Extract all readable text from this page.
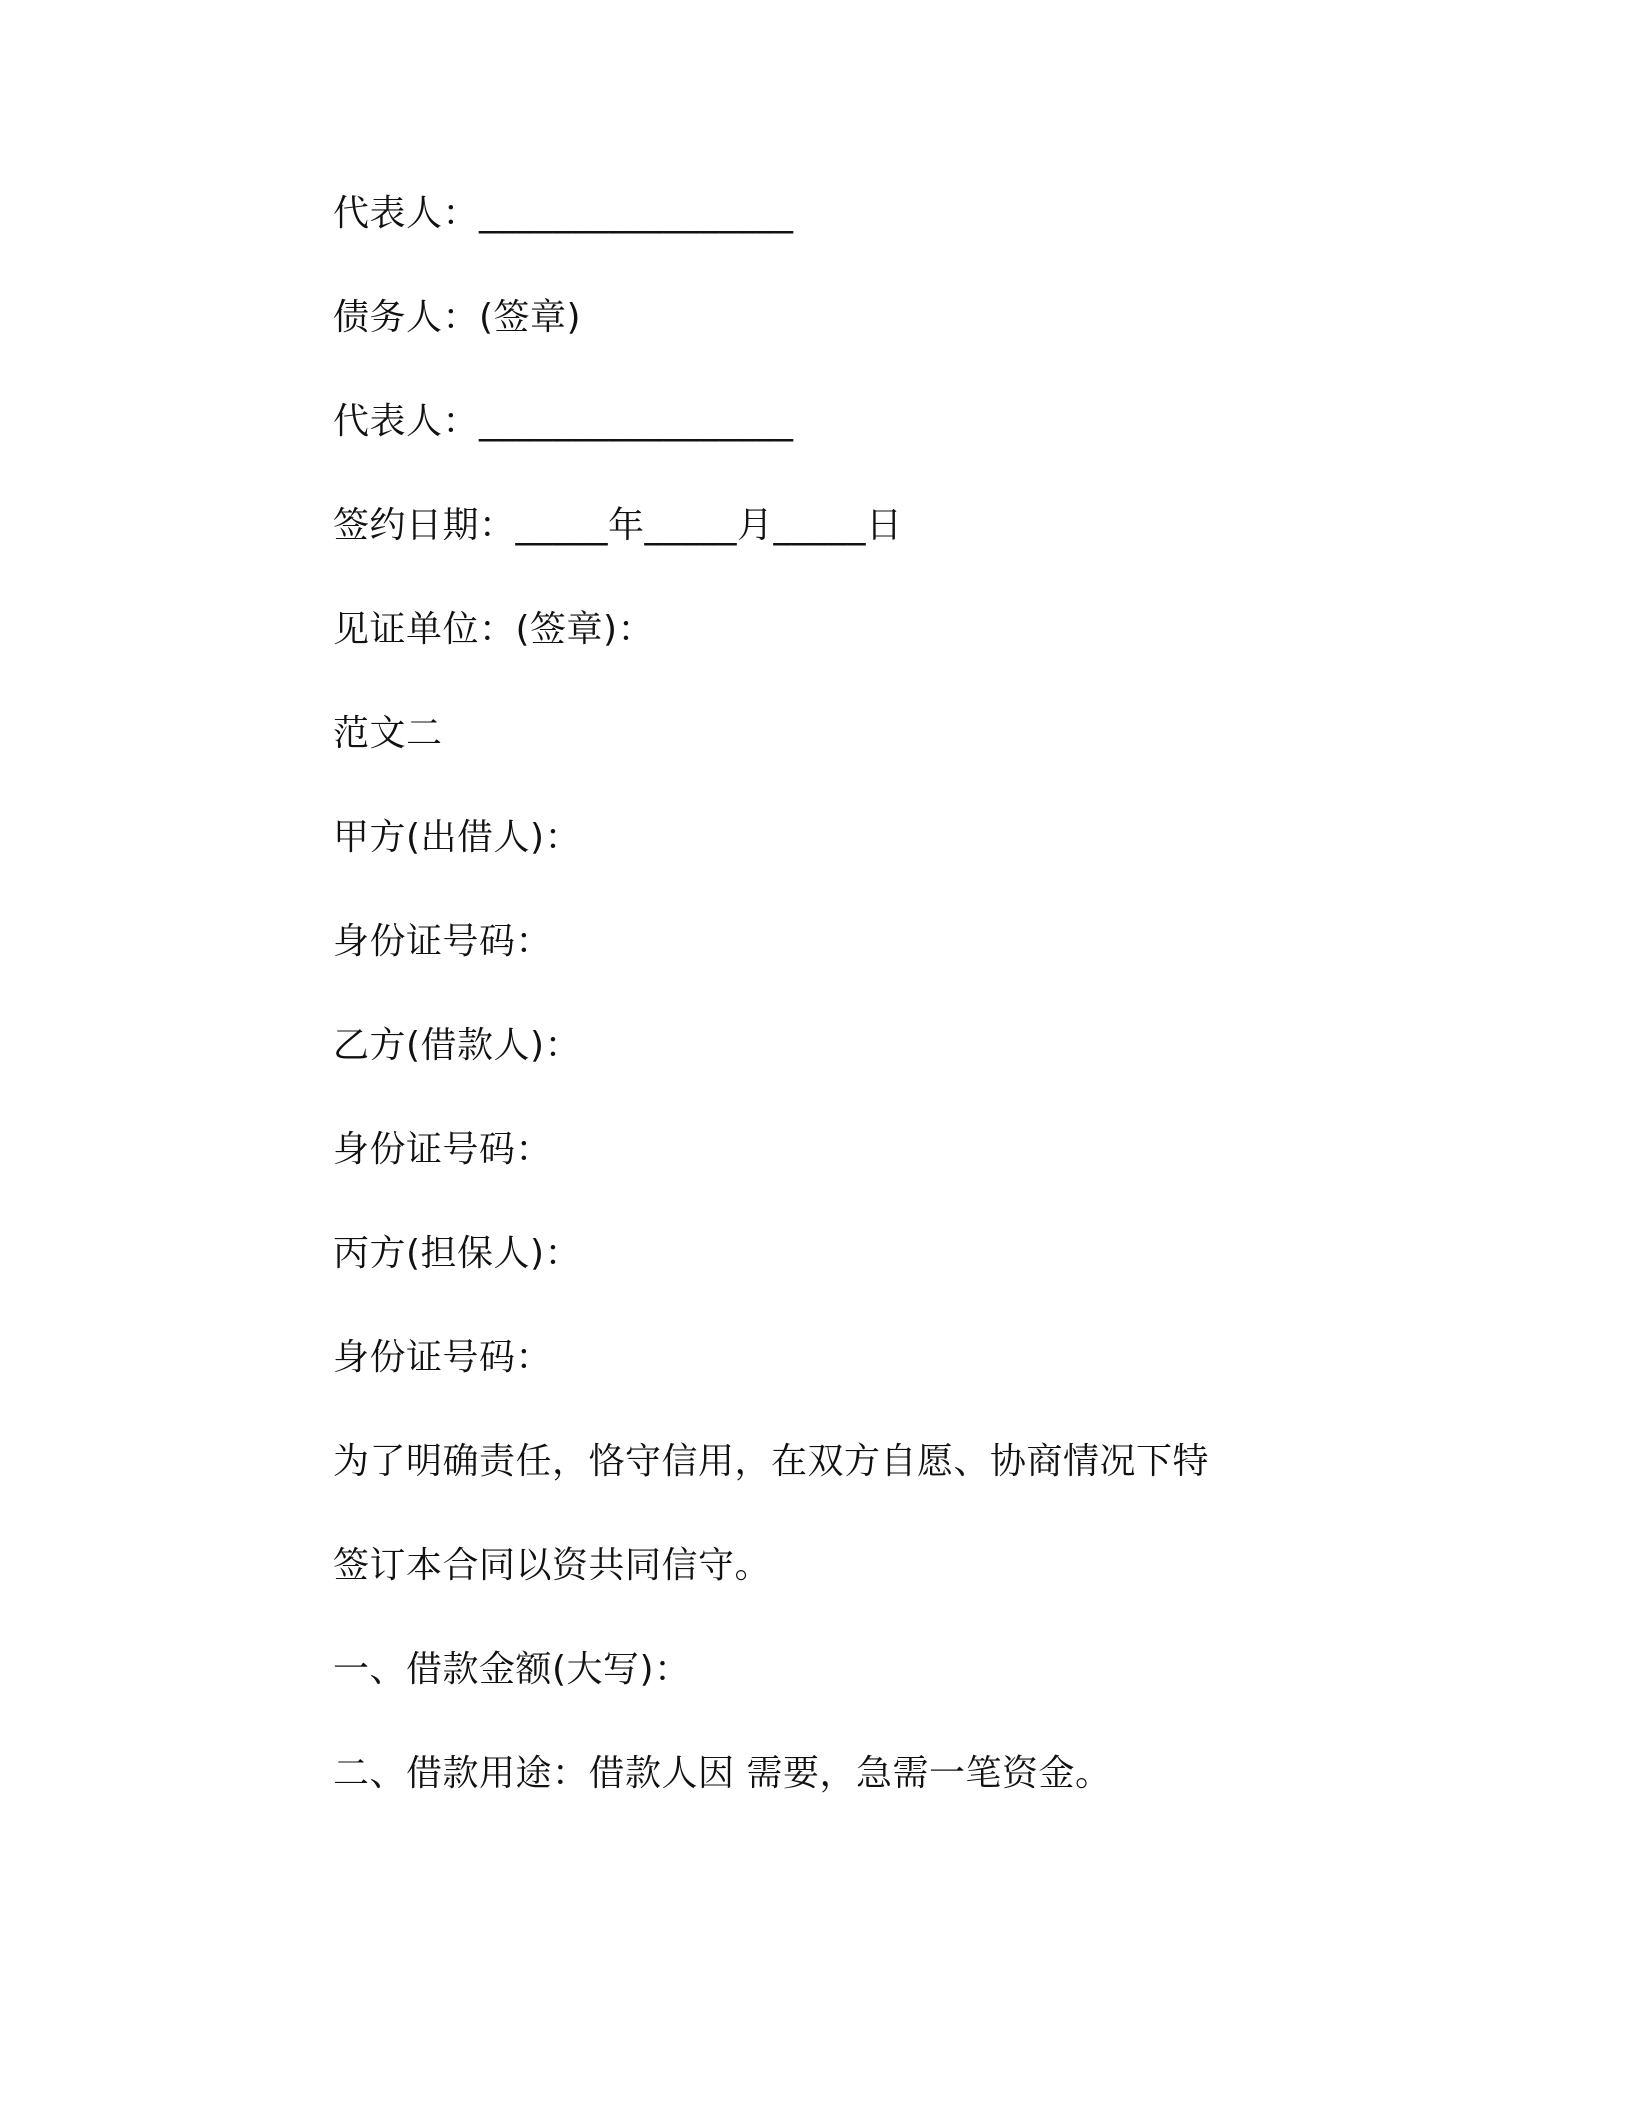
代表人：_________________
债务人：(签章)
代表人：_________________
签约日期：_____年_____月_____日
见证单位：(签章)：
范文二
甲方(出借人)：
身份证号码：
乙方(借款人)：
身份证号码：
丙方(担保人)：
身份证号码：
为了明确责任，恪守信用，在双方自愿、协商情况下特
签订本合同以资共同信守。
一、借款金额(大写)：
二、借款用途：借款人因 需要，急需一笔资金。
